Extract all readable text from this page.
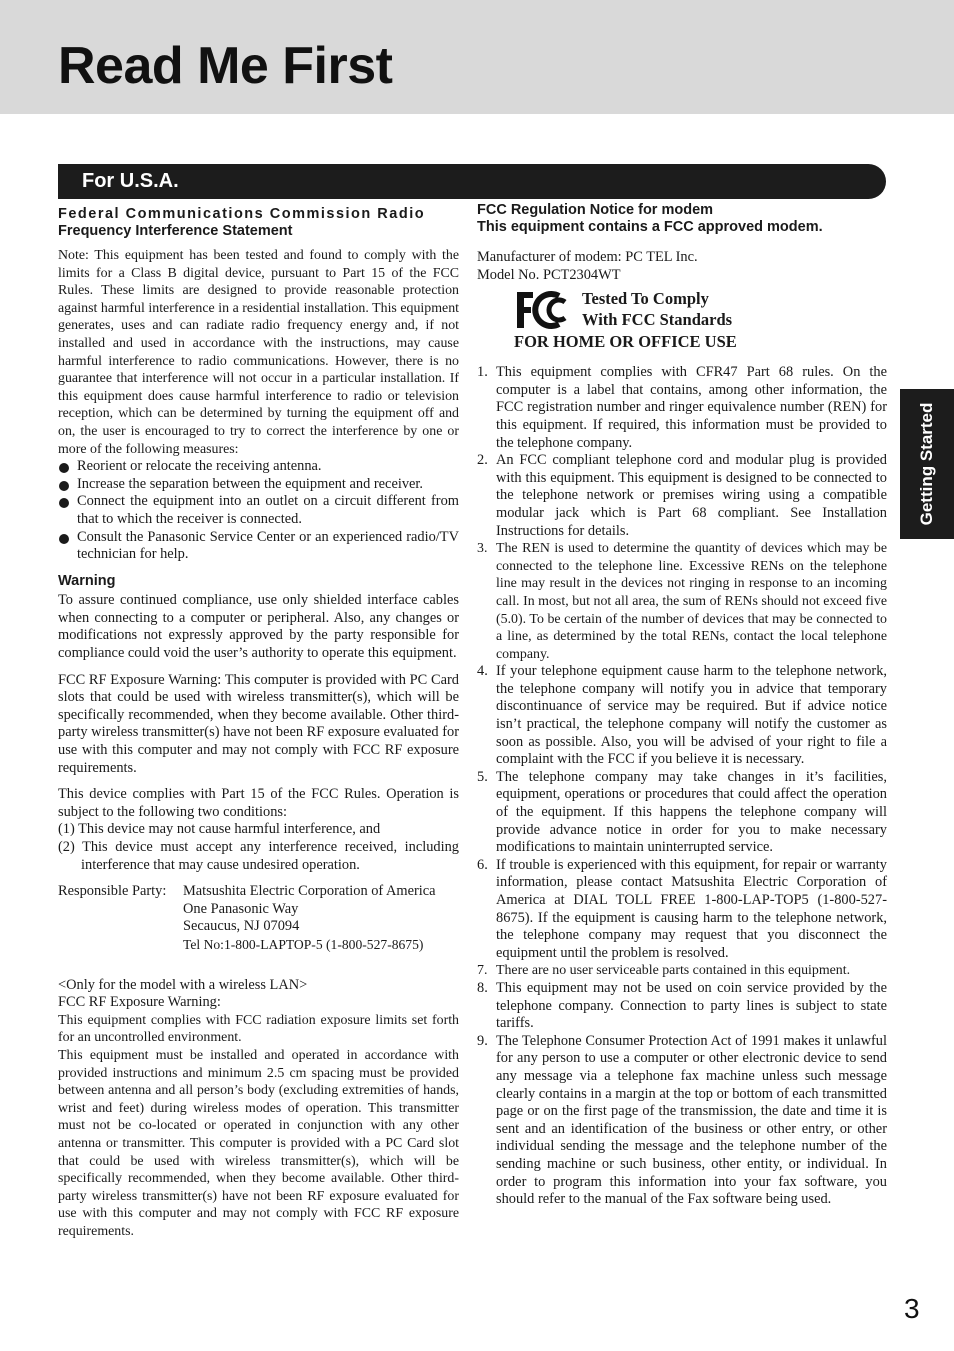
Read Me First
For U.S.A.
Getting Started
Federal Communications Commission Radio
Frequency Interference Statement

Note: This equipment has been tested and found to comply with the limits for a Class B digital device, pursuant to Part 15 of the FCC Rules. These limits are designed to provide reasonable protection against harmful interference in a residential installation. This equipment generates, uses and can radiate radio frequency energy and, if not installed and used in accordance with the instructions, may cause harmful interference to radio communications. However, there is no guarantee that interference will not occur in a particular installation. If this equipment does cause harmful interference to radio or television reception, which can be determined by turning the equipment off and on, the user is encouraged to try to correct the interference by one or more of the following measures:

Reorient or relocate the receiving antenna.
Increase the separation between the equipment and receiver.
Connect the equipment into an outlet on a circuit different from that to which the receiver is connected.
Consult the Panasonic Service Center or an experienced radio/TV technician for help.
Warning

To assure continued compliance, use only shielded interface cables when connecting to a computer or peripheral. Also, any changes or modifications not expressly approved by the party responsible for compliance could void the user’s authority to operate this equipment.

FCC RF Exposure Warning: This computer is provided with PC Card slots that could be used with wireless transmitter(s), which will be specifically recommended, when they become available. Other third-party wireless transmitter(s) have not been RF exposure evaluated for use with this computer and may not comply with FCC RF exposure requirements.

This device complies with Part 15 of the FCC Rules. Operation is subject to the following two conditions:

(1) This device may not cause harmful interference, and

(2) This device must accept any interference received, including interference that may cause undesired operation.

Responsible Party:	Matsushita Electric Corporation of America
One Panasonic Way
Secaucus, NJ 07094
Tel No:1-800-LAPTOP-5 (1-800-527-8675)
<Only for the model with a wireless LAN>
FCC RF Exposure Warning:

This equipment complies with FCC radiation exposure limits set forth for an uncontrolled environment.

This equipment must be installed and operated in accordance with provided instructions and minimum 2.5 cm spacing must be provided between antenna and all person’s body (excluding extremities of hands, wrist and feet) during wireless modes of operation. This transmitter must not be co-located or operated in conjunction with any other antenna or transmitter. This computer is provided with a PC Card slot that could be used with wireless transmitter(s), which will be specifically recommended, when they become available. Other third-party wireless transmitter(s) have not been RF exposure evaluated for use with this computer and may not comply with FCC RF exposure requirements.

FCC Regulation Notice for modem
This equipment contains a FCC approved modem.
Manufacturer of modem: PC TEL Inc.
Model No. PCT2304WT
Tested To Comply
With FCC Standards
FOR HOME OR OFFICE USE
1. This equipment complies with CFR47 Part 68 rules. On the computer is a label that contains, among other information, the FCC registration number and ringer equivalence number (REN) for this equipment. If required, this information must be provided to the telephone company.
2. An FCC compliant telephone cord and modular plug is provided with this equipment. This equipment is designed to be connected to the telephone network or premises wiring using a compatible modular jack which is Part 68 compliant. See Installation Instructions for details.
3. The REN is used to determine the quantity of devices which may be connected to the telephone line. Excessive RENs on the telephone line may result in the devices not ringing in response to an incoming call. In most, but not all area, the sum of RENs should not exceed five (5.0). To be certain of the number of devices that may be connected to a line, as determined by the total RENs, contact the local telephone company.
4. If your telephone equipment cause harm to the telephone network, the telephone company will notify you in advice that temporary discontinuance of service may be required. But if advice notice isn’t practical, the telephone company will notify the customer as soon as possible. Also, you will be advised of your right to file a complaint with the FCC if you believe it is necessary.
5. The telephone company may take changes in it’s facilities, equipment, operations or procedures that could affect the operation of the equipment. If this happens the telephone company will provide advance notice in order for you to make necessary modifications to maintain uninterrupted service.
6. If trouble is experienced with this equipment, for repair or warranty information, please contact Matsushita Electric Corporation of America at DIAL TOLL FREE 1-800-LAP-TOP5 (1-800-527-8675). If the equipment is causing harm to the telephone network, the telephone company may request that you disconnect the equipment until the problem is resolved.
7. There are no user serviceable parts contained in this equipment.
8. This equipment may not be used on coin service provided by the telephone company. Connection to party lines is subject to state tariffs.
9. The Telephone Consumer Protection Act of 1991 makes it unlawful for any person to use a computer or other electronic device to send any message via a telephone fax machine unless such message clearly contains in a margin at the top or bottom of each transmitted page or on the first page of the transmission, the date and time it is sent and an identification of the business or other entry, or other individual sending the message and the telephone number of the sending machine or such business, other entity, or individual. In order to program this information into your fax software, you should refer to the manual of the Fax software being used.
3
